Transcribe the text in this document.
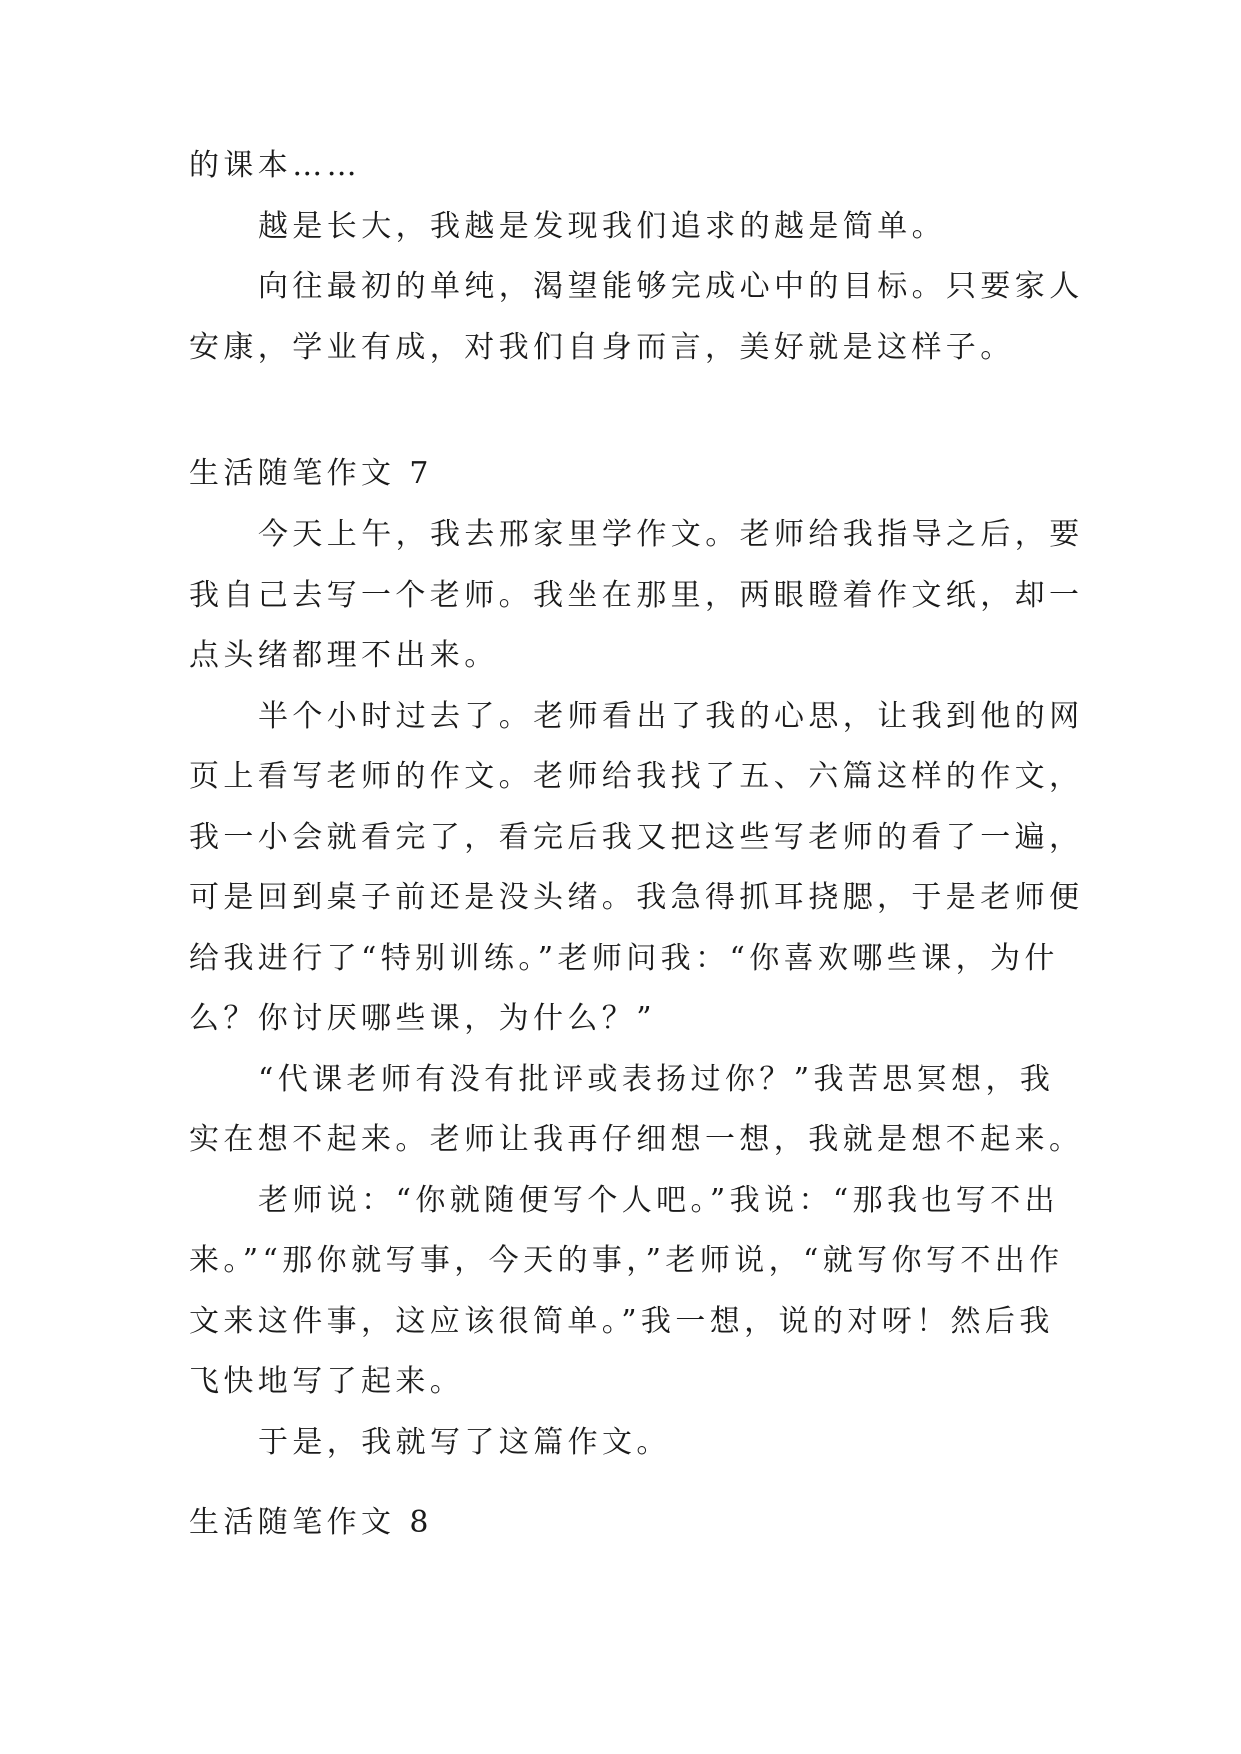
的课本……
越是长大，我越是发现我们追求的越是简单。
向往最初的单纯，渴望能够完成心中的目标。只要家人
安康，学业有成，对我们自身而言，美好就是这样子。
生活随笔作文 7
今天上午，我去邢家里学作文。老师给我指导之后，要
我自己去写一个老师。我坐在那里，两眼瞪着作文纸，却一
点头绪都理不出来。
半个小时过去了。老师看出了我的心思，让我到他的网
页上看写老师的作文。老师给我找了五、六篇这样的作文，
我一小会就看完了，看完后我又把这些写老师的看了一遍，
可是回到桌子前还是没头绪。我急得抓耳挠腮，于是老师便
给我进行了“特别训练。”老师问我：“你喜欢哪些课，为什
么？你讨厌哪些课，为什么？”
“代课老师有没有批评或表扬过你？”我苦思冥想，我
实在想不起来。老师让我再仔细想一想，我就是想不起来。
老师说：“你就随便写个人吧。”我说：“那我也写不出
来。”“那你就写事，今天的事，”老师说，“就写你写不出作
文来这件事，这应该很简单。”我一想，说的对呀！然后我
飞快地写了起来。
于是，我就写了这篇作文。
生活随笔作文 8
